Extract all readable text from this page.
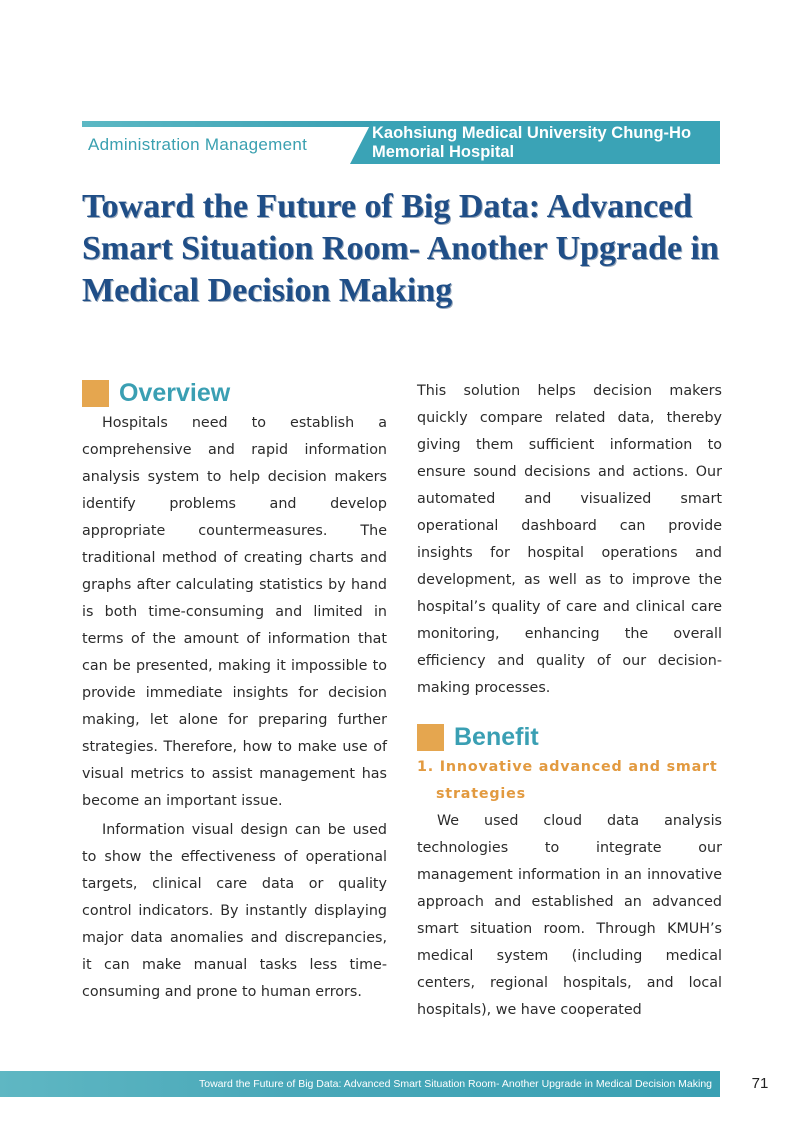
Administration Management
Kaohsiung Medical University Chung-Ho Memorial Hospital
Toward the Future of Big Data: Advanced Smart Situation Room- Another Upgrade in Medical Decision Making
Overview

Hospitals need to establish a comprehensive and rapid information analysis system to help decision makers identify problems and develop appropriate countermeasures. The traditional method of creating charts and graphs after calculating statistics by hand is both time-consuming and limited in terms of the amount of information that can be presented, making it impossible to provide immediate insights for decision making, let alone for preparing further strategies. Therefore, how to make use of visual metrics to assist management has become an important issue.

Information visual design can be used to show the effectiveness of operational targets, clinical care data or quality control indicators. By instantly displaying major data anomalies and discrepancies, it can make manual tasks less time-consuming and prone to human errors.

This solution helps decision makers quickly compare related data, thereby giving them sufficient information to ensure sound decisions and actions. Our automated and visualized smart operational dashboard can provide insights for hospital operations and development, as well as to improve the hospital’s quality of care and clinical care monitoring, enhancing the overall efficiency and quality of our decision-making processes.

Benefit
1. Innovative advanced and smart
strategies

We used cloud data analysis technologies to integrate our management information in an innovative approach and established an advanced smart situation room. Through KMUH’s medical system (including medical centers, regional hospitals, and local hospitals), we have cooperated

Toward the Future of Big Data: Advanced Smart Situation Room- Another Upgrade in Medical Decision Making	71
